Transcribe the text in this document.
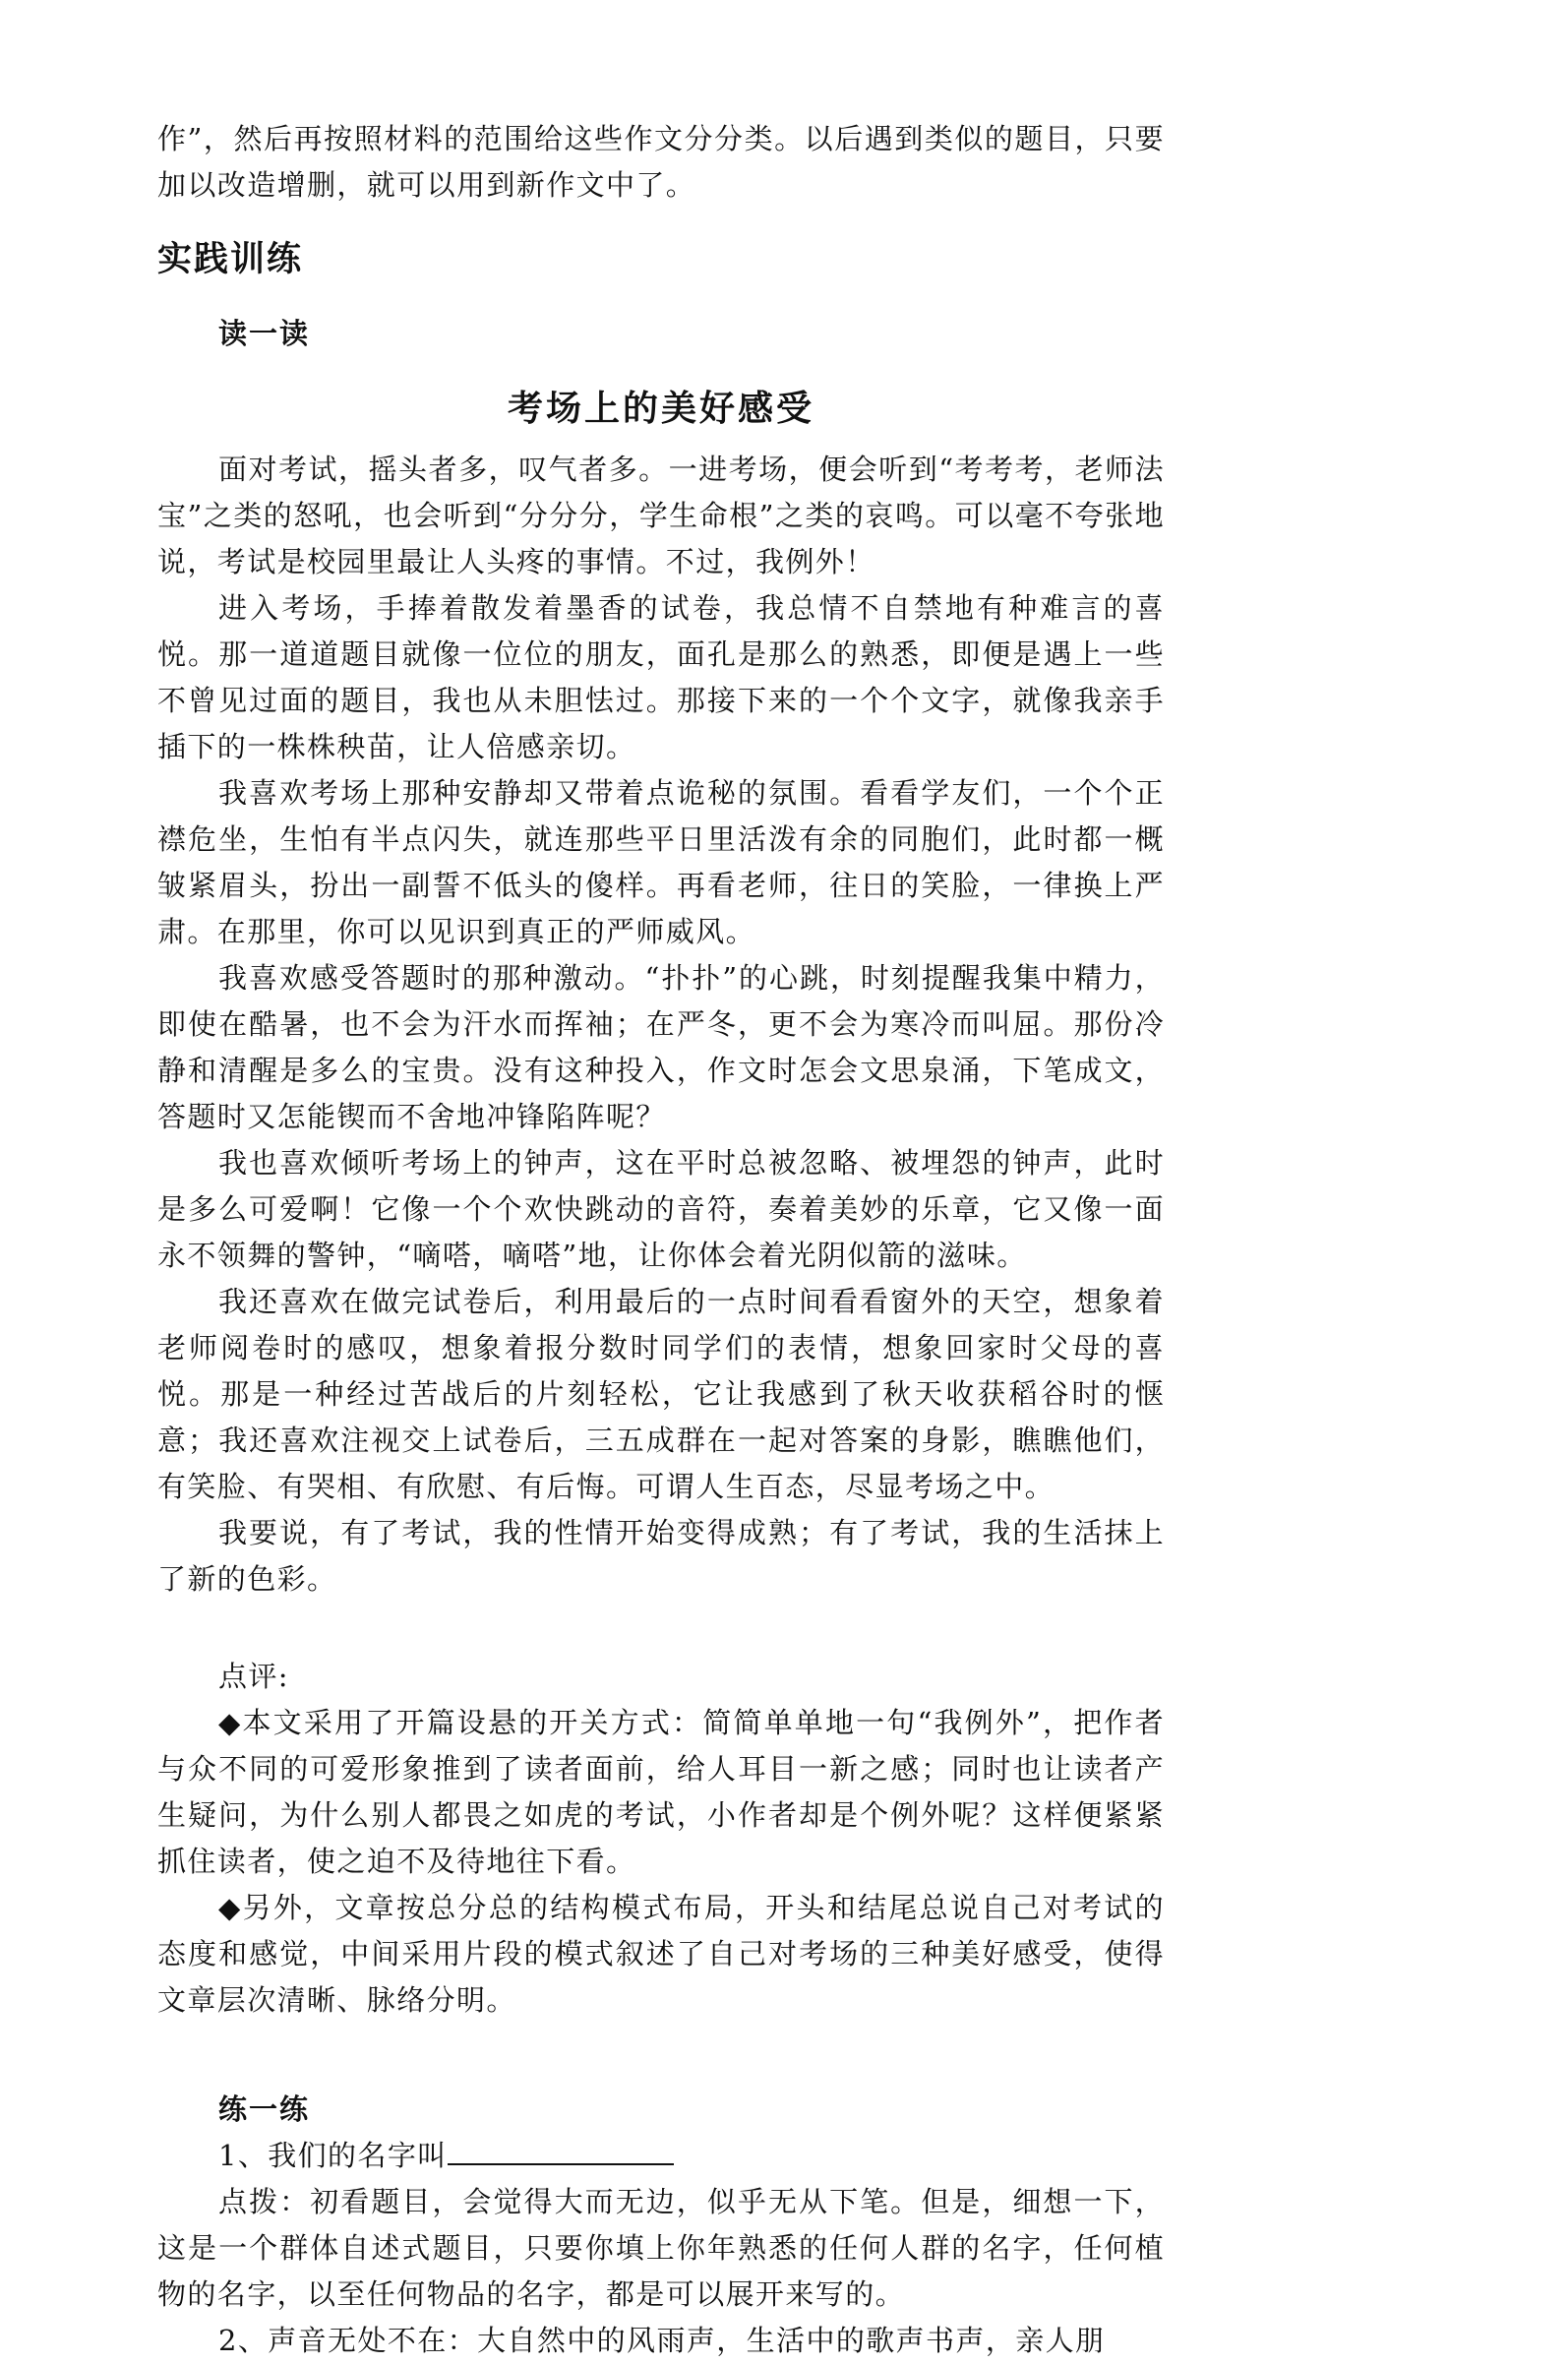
作”，然后再按照材料的范围给这些作文分分类。以后遇到类似的题目，只要加以改造增删，就可以用到新作文中了。

实践训练
读一读
考场上的美好感受

面对考试，摇头者多，叹气者多。一进考场，便会听到“考考考，老师法宝”之类的怒吼，也会听到“分分分，学生命根”之类的哀鸣。可以毫不夸张地说，考试是校园里最让人头疼的事情。不过，我例外！

进入考场，手捧着散发着墨香的试卷，我总情不自禁地有种难言的喜悦。那一道道题目就像一位位的朋友，面孔是那么的熟悉，即便是遇上一些不曾见过面的题目，我也从未胆怯过。那接下来的一个个文字，就像我亲手插下的一株株秧苗，让人倍感亲切。

我喜欢考场上那种安静却又带着点诡秘的氛围。看看学友们，一个个正襟危坐，生怕有半点闪失，就连那些平日里活泼有余的同胞们，此时都一概皱紧眉头，扮出一副誓不低头的傻样。再看老师，往日的笑脸，一律换上严肃。在那里，你可以见识到真正的严师威风。

我喜欢感受答题时的那种激动。“扑扑”的心跳，时刻提醒我集中精力，即使在酷暑，也不会为汗水而挥袖；在严冬，更不会为寒冷而叫屈。那份冷静和清醒是多么的宝贵。没有这种投入，作文时怎会文思泉涌，下笔成文，答题时又怎能锲而不舍地冲锋陷阵呢？

我也喜欢倾听考场上的钟声，这在平时总被忽略、被埋怨的钟声，此时是多么可爱啊！它像一个个欢快跳动的音符，奏着美妙的乐章，它又像一面永不领舞的警钟，“嘀嗒，嘀嗒”地，让你体会着光阴似箭的滋味。

我还喜欢在做完试卷后，利用最后的一点时间看看窗外的天空，想象着老师阅卷时的感叹，想象着报分数时同学们的表情，想象回家时父母的喜悦。那是一种经过苦战后的片刻轻松，它让我感到了秋天收获稻谷时的惬意；我还喜欢注视交上试卷后，三五成群在一起对答案的身影，瞧瞧他们，有笑脸、有哭相、有欣慰、有后悔。可谓人生百态，尽显考场之中。

我要说，有了考试，我的性情开始变得成熟；有了考试，我的生活抹上了新的色彩。

点评:

◆本文采用了开篇设悬的开关方式：简简单单地一句“我例外”，把作者与众不同的可爱形象推到了读者面前，给人耳目一新之感；同时也让读者产生疑问，为什么别人都畏之如虎的考试，小作者却是个例外呢？这样便紧紧抓住读者，使之迫不及待地往下看。

◆另外，文章按总分总的结构模式布局，开头和结尾总说自己对考试的态度和感觉，中间采用片段的模式叙述了自己对考场的三种美好感受，使得文章层次清晰、脉络分明。

练一练

1、我们的名字叫

点拨：初看题目，会觉得大而无边，似乎无从下笔。但是，细想一下，这是一个群体自述式题目，只要你填上你年熟悉的任何人群的名字，任何植物的名字，以至任何物品的名字，都是可以展开来写的。

2、声音无处不在：大自然中的风雨声，生活中的歌声书声，亲人朋
